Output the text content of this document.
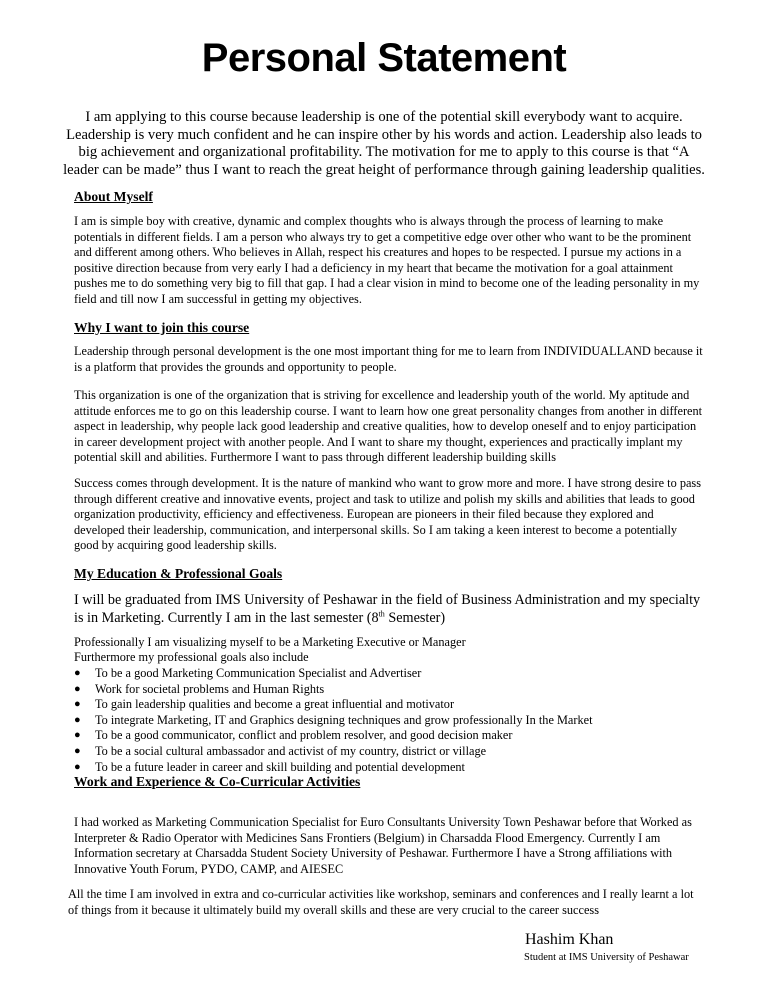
Personal Statement

I am applying to this course because leadership is one of the potential skill everybody want to acquire. Leadership is very much confident and he can inspire other by his words and action. Leadership also leads to big achievement and organizational profitability. The motivation for me to apply to this course is that “A leader can be made” thus I want to reach the great height of performance through gaining leadership qualities.

About Myself

I am is simple boy with creative, dynamic and complex thoughts who is always through the process of learning to make potentials in different fields. I am a person who always try to get a competitive edge over other who want to be the prominent and different among others. Who believes in Allah, respect his creatures and hopes to be respected. I pursue my actions in a positive direction because from very early I had a deficiency in my heart that became the motivation for a goal attainment pushes me to do something very big to fill that gap. I had a clear vision in mind to become one of the leading personality in my field and till now I am successful in getting my objectives.

Why I want to join this course

Leadership through personal development is the one most important thing for me to learn from INDIVIDUALLAND because it is a platform that provides the grounds and opportunity to people.

This organization is one of the organization that is striving for excellence and leadership youth of the world. My aptitude and attitude enforces me to go on this leadership course. I want to learn how one great personality changes from another in different aspect in leadership, why people lack good leadership and creative qualities, how to develop oneself and to enjoy participation in career development project with another people. And I want to share my thought, experiences and practically implant my potential skill and abilities. Furthermore I want to pass through different leadership building skills

Success comes through development. It is the nature of mankind who want to grow more and more. I have strong desire to pass through different creative and innovative events, project and task to utilize and polish my skills and abilities that leads to good organization productivity, efficiency and effectiveness. European are pioneers in their filed because they explored and developed their leadership, communication, and interpersonal skills. So I am taking a keen interest to become a potentially good by acquiring good leadership skills.

My Education & Professional Goals

I will be graduated from IMS University of Peshawar in the field of Business Administration and my specialty is in Marketing. Currently I am in the last semester (8th Semester)

Professionally I am visualizing myself to be a Marketing Executive or Manager

Furthermore my professional goals also include

● To be a good Marketing Communication Specialist and Advertiser
● Work for societal problems and Human Rights
● To gain leadership qualities and become a great influential and motivator
● To integrate Marketing, IT and Graphics designing techniques and grow professionally In the Market
● To be a good communicator, conflict and problem resolver, and good decision maker
● To be a social cultural ambassador and activist of my country, district or village
● To be a future leader in career and skill building and potential development

Work and Experience & Co-Curricular Activities

I had worked as Marketing Communication Specialist for Euro Consultants University Town Peshawar before that Worked as Interpreter & Radio Operator with Medicines Sans Frontiers (Belgium) in Charsadda Flood Emergency. Currently I am Information secretary at Charsadda Student Society University of Peshawar. Furthermore I have a Strong affiliations with Innovative Youth Forum, PYDO, CAMP, and AIESEC

All the time I am involved in extra and co-curricular activities like workshop, seminars and conferences and I really learnt a lot of things from it because it ultimately build my overall skills and these are very crucial to the career success

Hashim Khan
Student at IMS University of Peshawar
